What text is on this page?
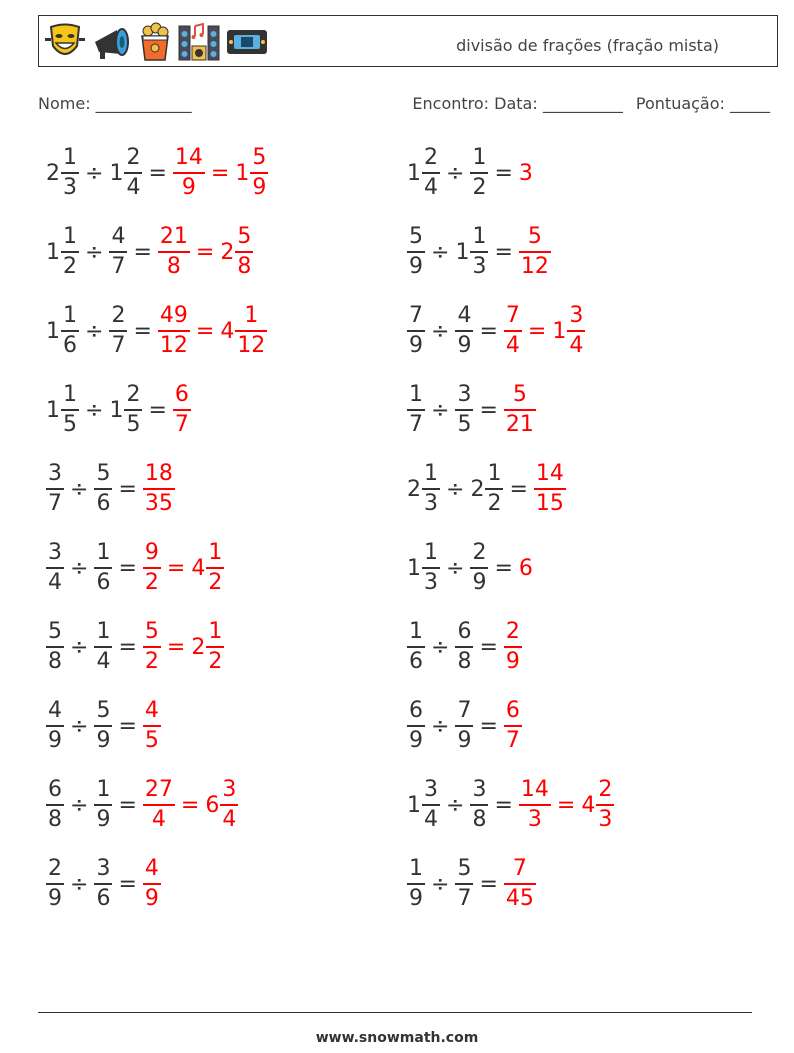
divisão de frações (fração mista)
Nome: ____________	Encontro: Data: __________ Pontuação: _____
$2 \frac{1}{3} \div 1 \frac{2}{4} = \frac{14}{9} = 1 \frac{5}{9}$	$1 \frac{2}{4} \div \frac{1}{2} = 3$
$1 \frac{1}{2} \div \frac{4}{7} = \frac{21}{8} = 2 \frac{5}{8}$	$\frac{5}{9} \div 1 \frac{1}{3} = \frac{5}{12}$
$1 \frac{1}{6} \div \frac{2}{7} = \frac{49}{12} = 4 \frac{1}{12}$	$\frac{7}{9} \div \frac{4}{9} = \frac{7}{4} = 1 \frac{3}{4}$
$1 \frac{1}{5} \div 1 \frac{2}{5} = \frac{6}{7}$	$\frac{1}{7} \div \frac{3}{5} = \frac{5}{21}$
$\frac{3}{7} \div \frac{5}{6} = \frac{18}{35}$	$2 \frac{1}{3} \div 2 \frac{1}{2} = \frac{14}{15}$
$\frac{3}{4} \div \frac{1}{6} = \frac{9}{2} = 4 \frac{1}{2}$	$1 \frac{1}{3} \div \frac{2}{9} = 6$
$\frac{5}{8} \div \frac{1}{4} = \frac{5}{2} = 2 \frac{1}{2}$	$\frac{1}{6} \div \frac{6}{8} = \frac{2}{9}$
$\frac{4}{9} \div \frac{5}{9} = \frac{4}{5}$	$\frac{6}{9} \div \frac{7}{9} = \frac{6}{7}$
$\frac{6}{8} \div \frac{1}{9} = \frac{27}{4} = 6 \frac{3}{4}$	$1 \frac{3}{4} \div \frac{3}{8} = \frac{14}{3} = 4 \frac{2}{3}$
$\frac{2}{9} \div \frac{3}{6} = \frac{4}{9}$	$\frac{1}{9} \div \frac{5}{7} = \frac{7}{45}$
www.snowmath.com
